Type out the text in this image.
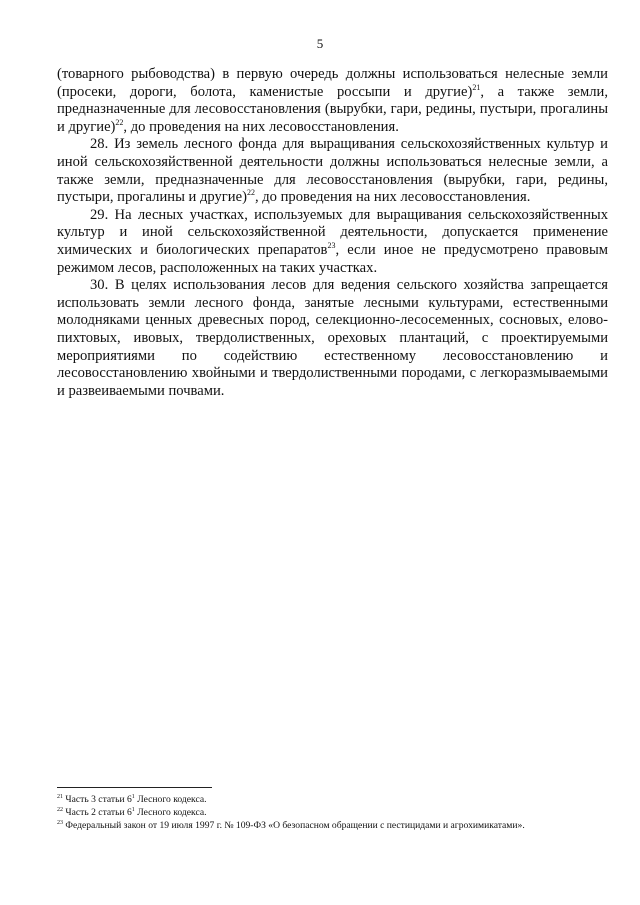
5

(товарного рыбоводства) в первую очередь должны использоваться нелесные земли (просеки, дороги, болота, каменистые россыпи и другие)$^{21}$, а также земли, предназначенные для лесовосстановления (вырубки, гари, редины, пустыри, прогалины и другие)$^{22}$, до проведения на них лесовосстановления.

28. Из земель лесного фонда для выращивания сельскохозяйственных культур и иной сельскохозяйственной деятельности должны использоваться нелесные земли, а также земли, предназначенные для лесовосстановления (вырубки, гари, редины, пустыри, прогалины и другие)$^{22}$, до проведения на них лесовосстановления.

29. На лесных участках, используемых для выращивания сельскохозяйственных культур и иной сельскохозяйственной деятельности, допускается применение химических и биологических препаратов$^{23}$, если иное не предусмотрено правовым режимом лесов, расположенных на таких участках.

30. В целях использования лесов для ведения сельского хозяйства запрещается использовать земли лесного фонда, занятые лесными культурами, естественными молодняками ценных древесных пород, селекционно-лесосеменных, сосновых, елово-пихтовых, ивовых, твердолиственных, ореховых плантаций, с проектируемыми мероприятиями по содействию естественному лесовосстановлению и лесовосстановлению хвойными и твердолиственными породами, с легкоразмываемыми и развеиваемыми почвами.

$^{21}$ Часть 3 статьи $6^1$ Лесного кодекса.

$^{22}$ Часть 2 статьи $6^1$ Лесного кодекса.

$^{23}$ Федеральный закон от 19 июля 1997 г. № 109-ФЗ «О безопасном обращении с пестицидами и агрохимикатами».
